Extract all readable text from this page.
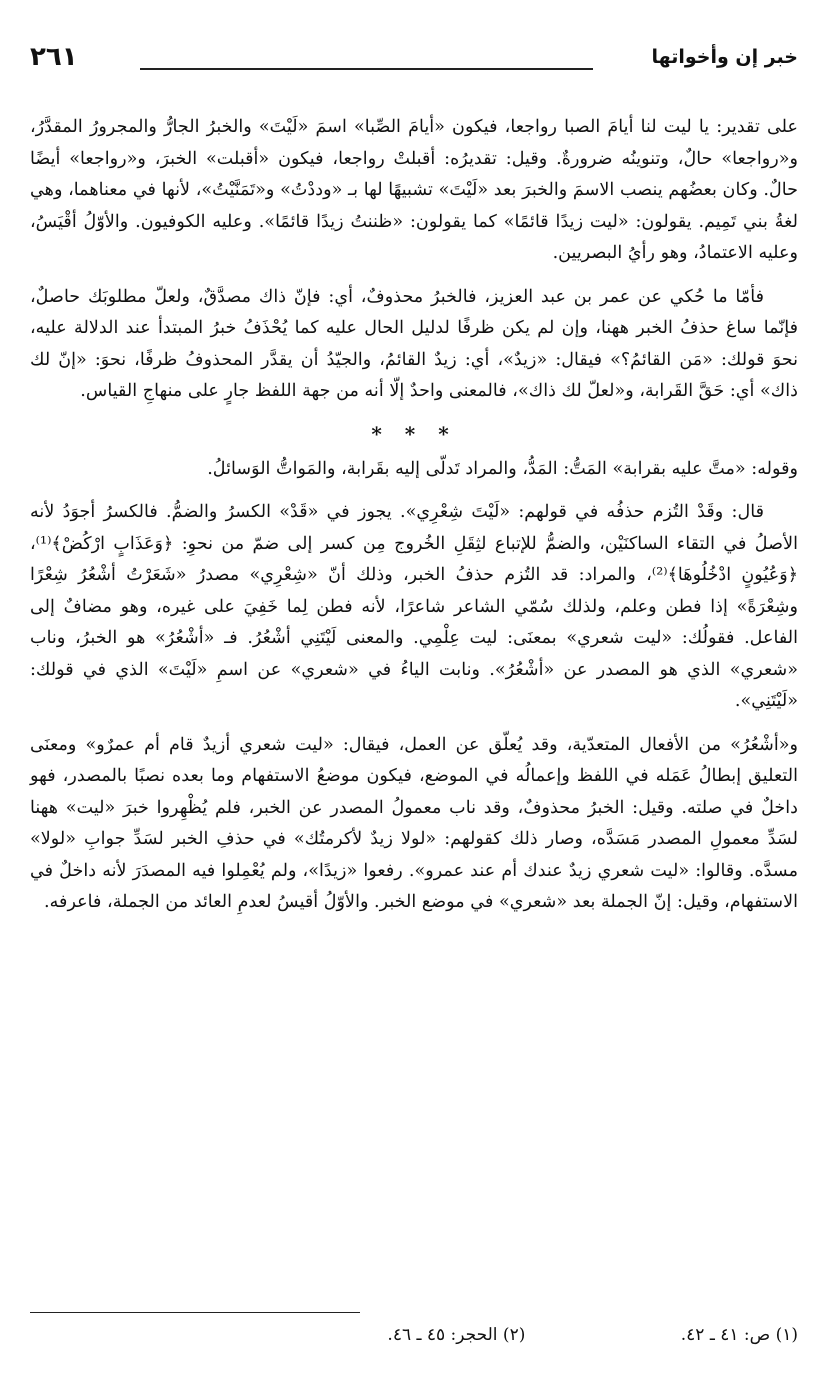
خبر إن وأخواتها
٢٦١

على تقدير: يا ليت لنا أيامَ الصبا رواجعا، فيكون «أيامَ الصِّبا» اسمَ «لَيْتَ» والخبرُ الجارُّ والمجرورُ المقدَّرُ، و«رواجعا» حالٌ، وتنوينُه ضرورةٌ. وقيل: تقديرُه: أقبلتْ رواجعا، فيكون «أقبلت» الخبرَ، و«رواجعا» أيضًا حالٌ. وكان بعضُهم ينصب الاسمَ والخبرَ بعد «لَيْتَ» تشبيهًا لها بـ «وددْتُ» و«تَمَنَّيْتُ»، لأنها في معناهما، وهي لغةُ بني تَمِيم. يقولون: «ليت زيدًا قائمًا» كما يقولون: «ظننتُ زيدًا قائمًا». وعليه الكوفيون. والأوّلُ أقْيَسُ، وعليه الاعتمادُ، وهو رأيُ البصريين.

فأمّا ما حُكي عن عمر بن عبد العزيز، فالخبرُ محذوفٌ، أي: فإنّ ذاك مصدَّقٌ، ولعلّ مطلوبَك حاصلٌ، فإنّما ساغ حذفُ الخبر ههنا، وإن لم يكن ظرفًا لدليل الحال عليه كما يُحْذَفُ خبرُ المبتدأ عند الدلالة عليه، نحوَ قولك: «مَن القائمُ؟» فيقال: «زيدٌ»، أي: زيدٌ القائمُ، والجيّدُ أن يقدَّر المحذوفُ ظرفًا، نحوَ: «إنّ لك ذاك» أي: حَقَّ القَرابة، و«لعلّ لك ذاك»، فالمعنى واحدٌ إلّا أنه من جهة اللفظ جارٍ على منهاجِ القياس.

* * *

وقوله: «متَّ عليه بقرابة» المَتُّ: المَدُّ، والمراد تَدلّى إليه بقَرابة، والمَواتُّ الوَسائلُ.

قال: وقَدْ التُزم حذفُه في قولهم: «لَيْتَ شِعْرِي». يجوز في «قَدْ» الكسرُ والضمُّ. فالكسرُ أجوَدُ لأنه الأصلُ في التقاء الساكنَيْن، والضمُّ للإتباع لثِقَلِ الخُروج مِن كسر إلى ضمّ من نحوِ: ﴿وَعَذَابٍ ارْكُضْ﴾⁽¹⁾، ﴿وَعُيُونٍ ادْخُلُوهَا﴾⁽²⁾، والمراد: قد التُزم حذفُ الخبر، وذلك أنّ «شِعْرِي» مصدرُ «شَعَرْتُ أشْعُرُ شِعْرًا وشِعْرَةً» إذا فطن وعلم، ولذلك سُمّي الشاعر شاعرًا، لأنه فطن لِما خَفِيَ على غيره، وهو مضافٌ إلى الفاعل. فقولُك: «ليت شعري» بمعنَى: ليت عِلْمِي. والمعنى لَيْتَنِي أشْعُرُ. فـ «أشْعُرُ» هو الخبرُ، وناب «شعري» الذي هو المصدر عن «أشْعُرُ». ونابت الياءُ في «شعري» عن اسمِ «لَيْتَ» الذي في قولك: «لَيْتَنِي».

و«أشْعُرُ» من الأفعال المتعدّية، وقد يُعلّق عن العمل، فيقال: «ليت شعري أزيدٌ قام أم عمرٌو» ومعنَى التعليق إبطالُ عَمَله في اللفظ وإعمالُه في الموضع، فيكون موضعُ الاستفهام وما بعده نصبًا بالمصدر، فهو داخلٌ في صلته. وقيل: الخبرُ محذوفٌ، وقد ناب معمولُ المصدر عن الخبر، فلم يُظْهِروا خبرَ «ليت» ههنا لسَدِّ معمولِ المصدر مَسَدَّه، وصار ذلك كقولهم: «لولا زيدٌ لأكرمتُك» في حذفِ الخبر لسَدِّ جوابِ «لولا» مسدَّه. وقالوا: «ليت شعري زيدٌ عندك أم عند عمرو». رفعوا «زيدًا»، ولم يُعْمِلوا فيه المصدَرَ لأنه داخلٌ في الاستفهام، وقيل: إنّ الجملة بعد «شعري» في موضع الخبر. والأوّلُ أقيسُ لعدمِ العائد من الجملة، فاعرفه.

(١) ص: ٤١ ـ ٤٢. (٢) الحجر: ٤٥ ـ ٤٦.
